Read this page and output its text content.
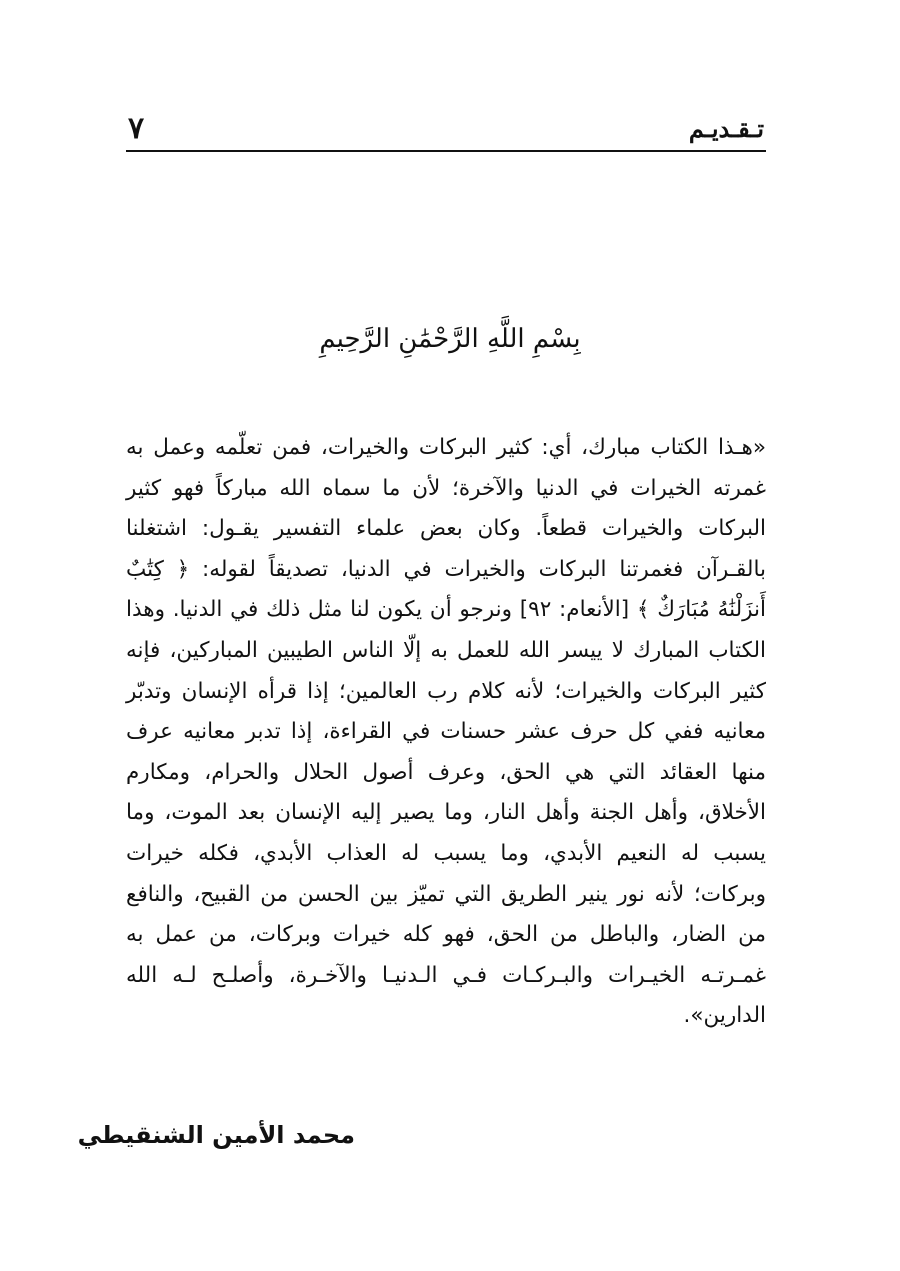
٧	تـقـديـم
بِسْمِ اللَّهِ الرَّحْمَٰنِ الرَّحِيمِ

«هـذا الكتاب مبارك، أي: كثير البركات والخيرات، فمن تعلّمه وعمل به غمرته الخيرات في الدنيا والآخرة؛ لأن ما سماه الله مباركاً فهو كثير البركات والخيرات قطعاً. وكان بعض علماء التفسير يقـول: اشتغلنا بالقـرآن فغمرتنا البركات والخيرات في الدنيا، تصديقاً لقوله: ﴿ كِتَٰبٌ أَنزَلْنَٰهُ مُبَارَكٌ ﴾ [الأنعام: ٩٢] ونرجو أن يكون لنا مثل ذلك في الدنيا. وهذا الكتاب المبارك لا ييسر الله للعمل به إلّا الناس الطيبين المباركين، فإنه كثير البركات والخيرات؛ لأنه كلام رب العالمين؛ إذا قرأه الإنسان وتدبّر معانيه ففي كل حرف عشر حسنات في القراءة، إذا تدبر معانيه عرف منها العقائد التي هي الحق، وعرف أصول الحلال والحرام، ومكارم الأخلاق، وأهل الجنة وأهل النار، وما يصير إليه الإنسان بعد الموت، وما يسبب له النعيم الأبدي، وما يسبب له العذاب الأبدي، فكله خيرات وبركات؛ لأنه نور ينير الطريق التي تميّز بين الحسن من القبيح، والنافع من الضار، والباطل من الحق، فهو كله خيرات وبركات، من عمل به غمـرتـه الخيـرات والبـركـات فـي الـدنيـا والآخـرة، وأصلـح لـه الله الدارين».

محمد الأمين الشنقيطي
